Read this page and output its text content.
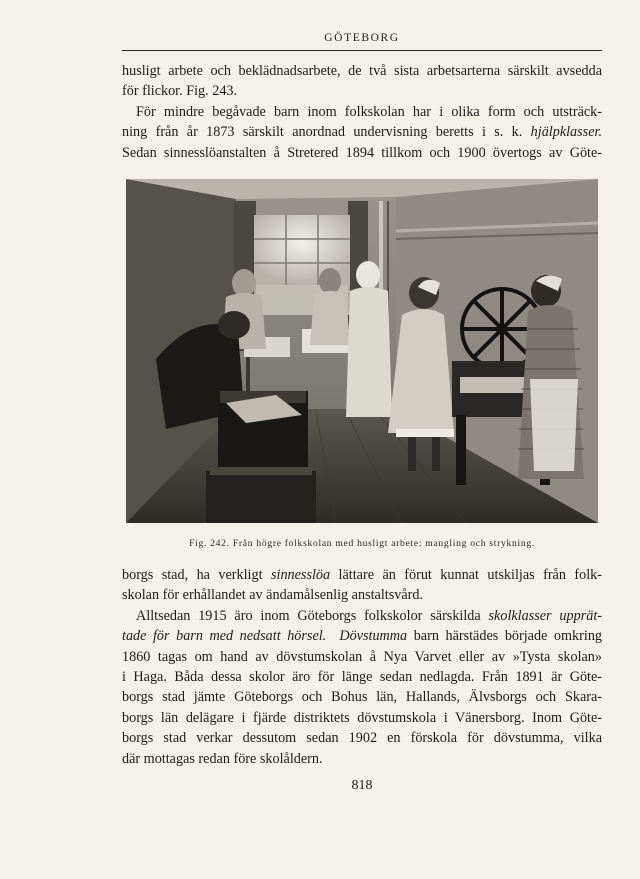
GÖTEBORG
husligt arbete och beklädnadsarbete, de två sista arbetsarterna särskilt avsedda
för flickor. Fig. 243.
För mindre begåvade barn inom folkskolan har i olika form och utsträck-
ning från år 1873 särskilt anordnad undervisning beretts i s. k. hjälpklasser.
Sedan sinnesslöanstalten å Stretered 1894 tillkom och 1900 övertogs av Göte-
Fig. 242. Från högre folkskolan med husligt arbete: mangling och strykning.
borgs stad, ha verkligt sinnesslöa lättare än förut kunnat utskiljas från folk-
skolan för erhållandet av ändamålsenlig anstaltsvård.
Alltsedan 1915 äro inom Göteborgs folkskolor särskilda skolklasser upprät-
tade för barn med nedsatt hörsel. Dövstumma barn härstädes började omkring
1860 tagas om hand av dövstumskolan å Nya Varvet eller av »Tysta skolan»
i Haga. Båda dessa skolor äro för länge sedan nedlagda. Från 1891 är Göte-
borgs stad jämte Göteborgs och Bohus län, Hallands, Älvsborgs och Skara-
borgs län delägare i fjärde distriktets dövstumskola i Vänersborg. Inom Göte-
borgs stad verkar dessutom sedan 1902 en förskola för dövstumma, vilka
där mottagas redan före skolåldern.
818
